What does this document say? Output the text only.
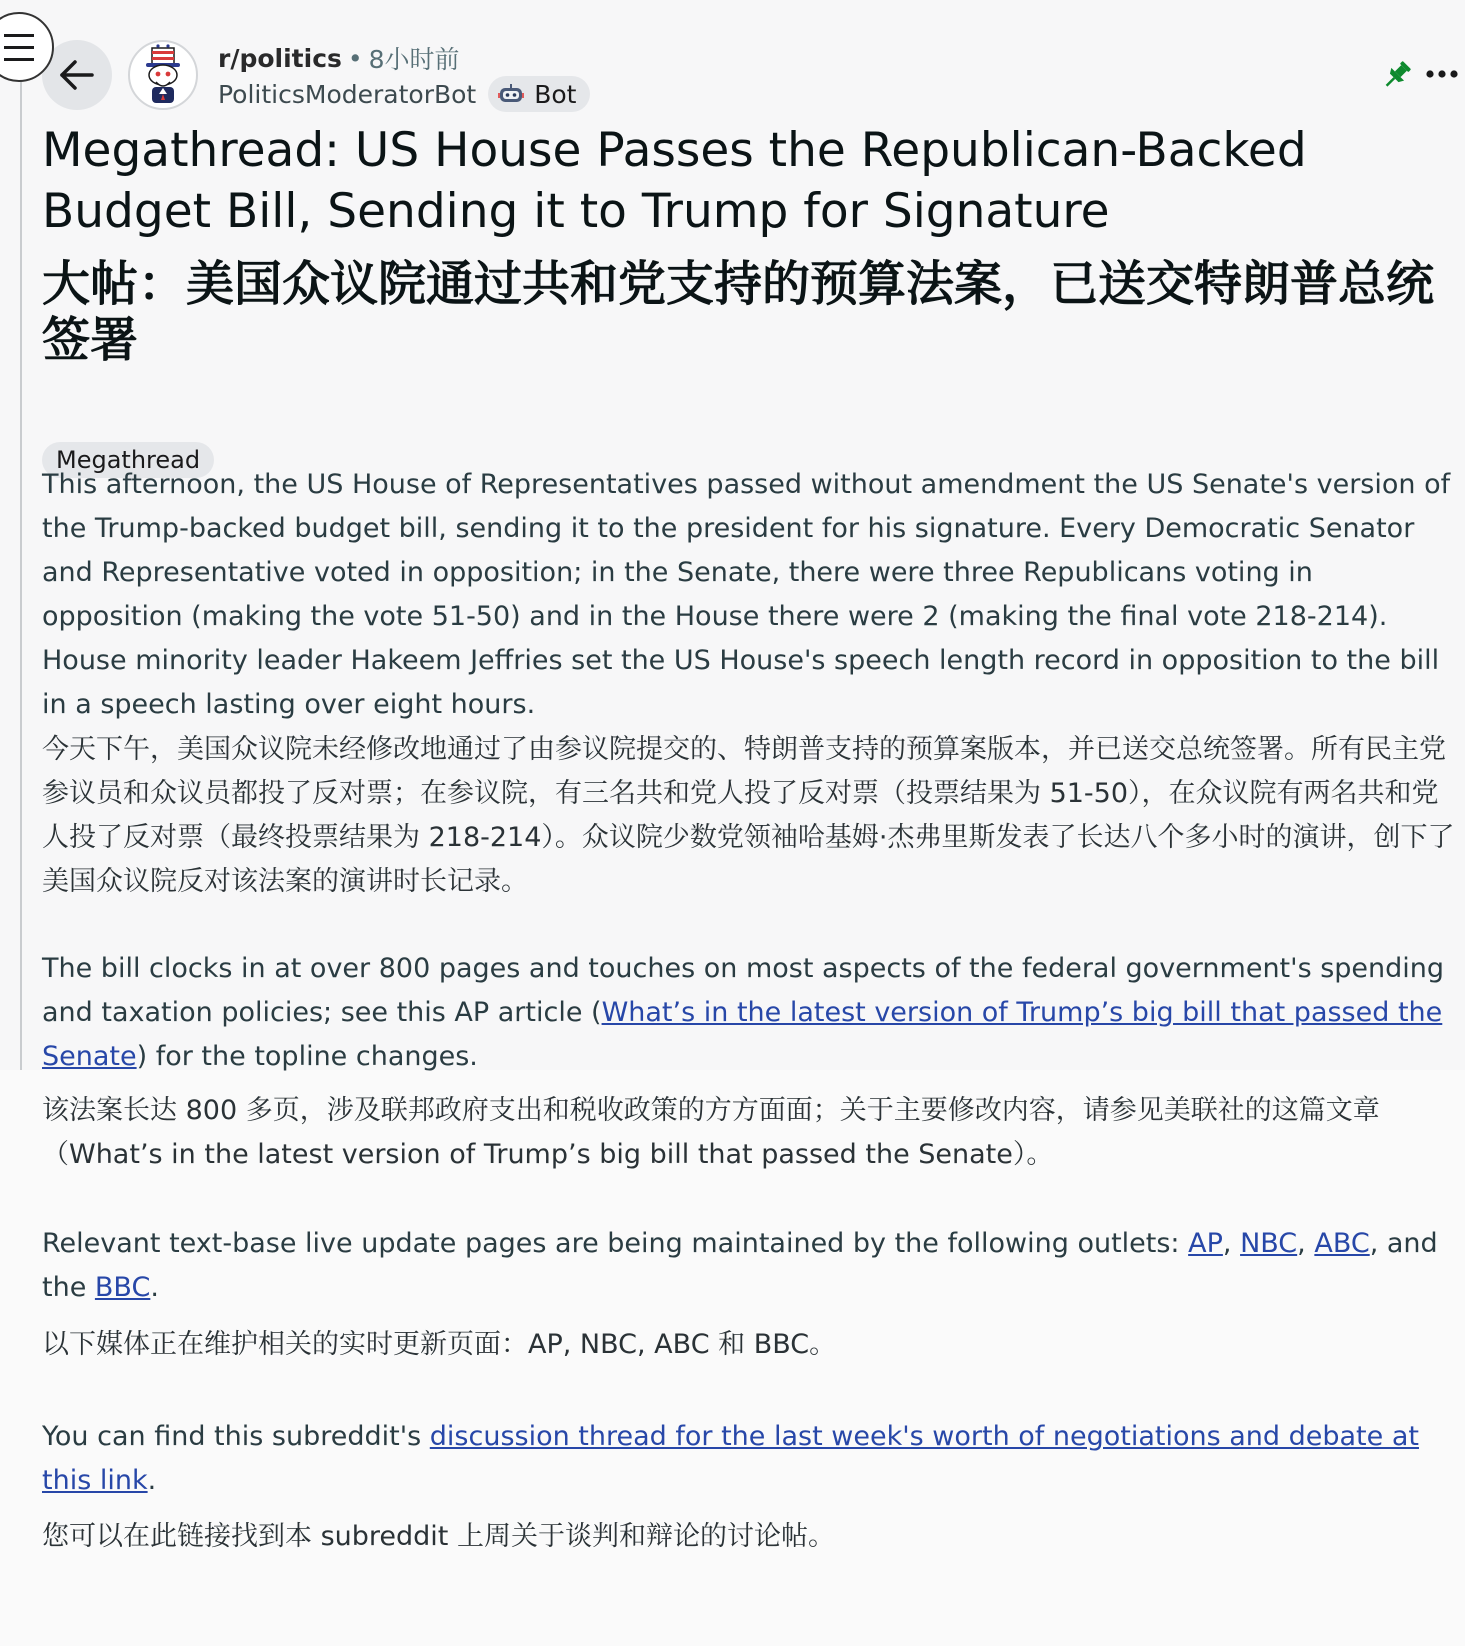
r/politics • 8小时前
PoliticsModeratorBot Bot
Megathread: US House Passes the Republican-Backed Budget Bill, Sending it to Trump for Signature
大帖：美国众议院通过共和党支持的预算法案，已送交特朗普总统签署
Megathread

This afternoon, the US House of Representatives passed without amendment the US Senate's version of the Trump-backed budget bill, sending it to the president for his signature. Every Democratic Senator and Representative voted in opposition; in the Senate, there were three Republicans voting in opposition (making the vote 51-50) and in the House there were 2 (making the final vote 218-214). House minority leader Hakeem Jeffries set the US House's speech length record in opposition to the bill in a speech lasting over eight hours.

今天下午，美国众议院未经修改地通过了由参议院提交的、特朗普支持的预算案版本，并已送交总统签署。所有民主党参议员和众议员都投了反对票；在参议院，有三名共和党人投了反对票（投票结果为 51-50），在众议院有两名共和党人投了反对票（最终投票结果为 218-214）。众议院少数党领袖哈基姆·杰弗里斯发表了长达八个多小时的演讲，创下了美国众议院反对该法案的演讲时长记录。

The bill clocks in at over 800 pages and touches on most aspects of the federal government's spending and taxation policies; see this AP article (What’s in the latest version of Trump’s big bill that passed the Senate) for the topline changes.

该法案长达 800 多页，涉及联邦政府支出和税收政策的方方面面；关于主要修改内容，请参见美联社的这篇文章（What’s in the latest version of Trump’s big bill that passed the Senate）。

Relevant text-base live update pages are being maintained by the following outlets: AP, NBC, ABC, and the BBC.

以下媒体正在维护相关的实时更新页面：AP, NBC, ABC 和 BBC。

You can find this subreddit's discussion thread for the last week's worth of negotiations and debate at this link.

您可以在此链接找到本 subreddit 上周关于谈判和辩论的讨论帖。
